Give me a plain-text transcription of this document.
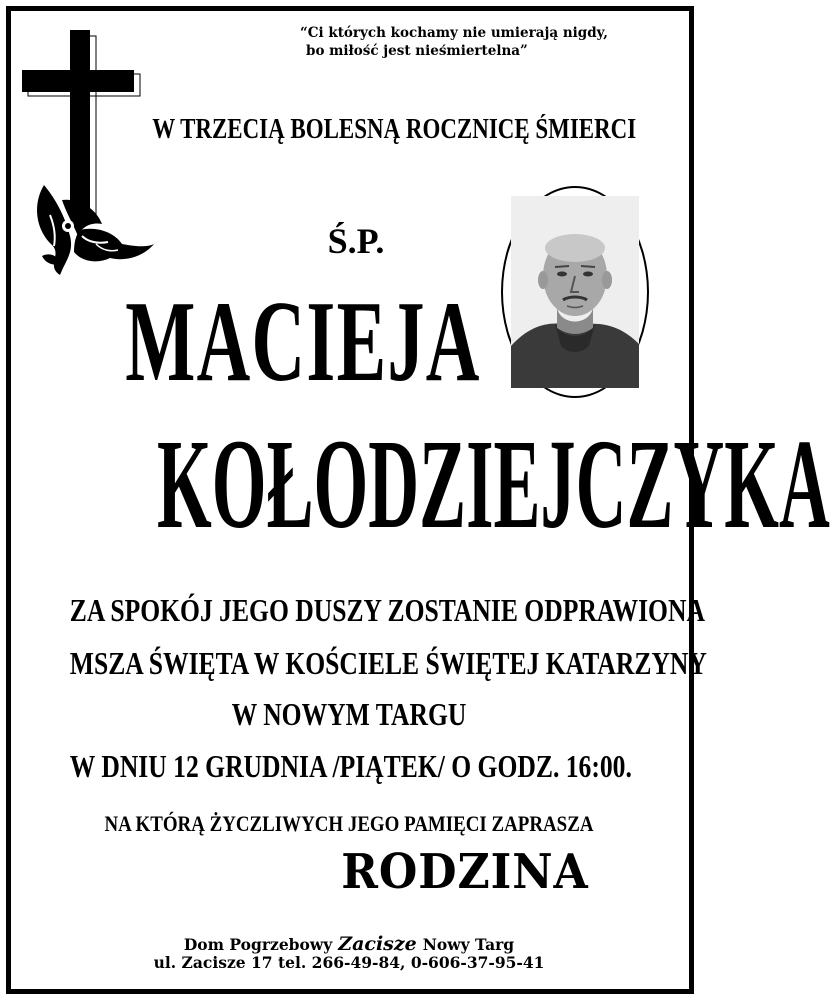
“Ci których kochamy nie umierają nigdy,
bo miłość jest nieśmiertelna”
W TRZECIĄ BOLESNĄ ROCZNICĘ ŚMIERCI
Ś.P.
MACIEJA
KOŁODZIEJCZYKA
ZA SPOKÓJ JEGO DUSZY ZOSTANIE ODPRAWIONA
MSZA ŚWIĘTA W KOŚCIELE ŚWIĘTEJ KATARZYNY
W NOWYM TARGU
W DNIU 12 GRUDNIA /PIĄTEK/ O GODZ. 16:00.
NA KTÓRĄ ŻYCZLIWYCH JEGO PAMIĘCI ZAPRASZA
RODZINA
Dom Pogrzebowy Zacisze Nowy Targ
ul. Zacisze 17 tel. 266-49-84, 0-606-37-95-41
